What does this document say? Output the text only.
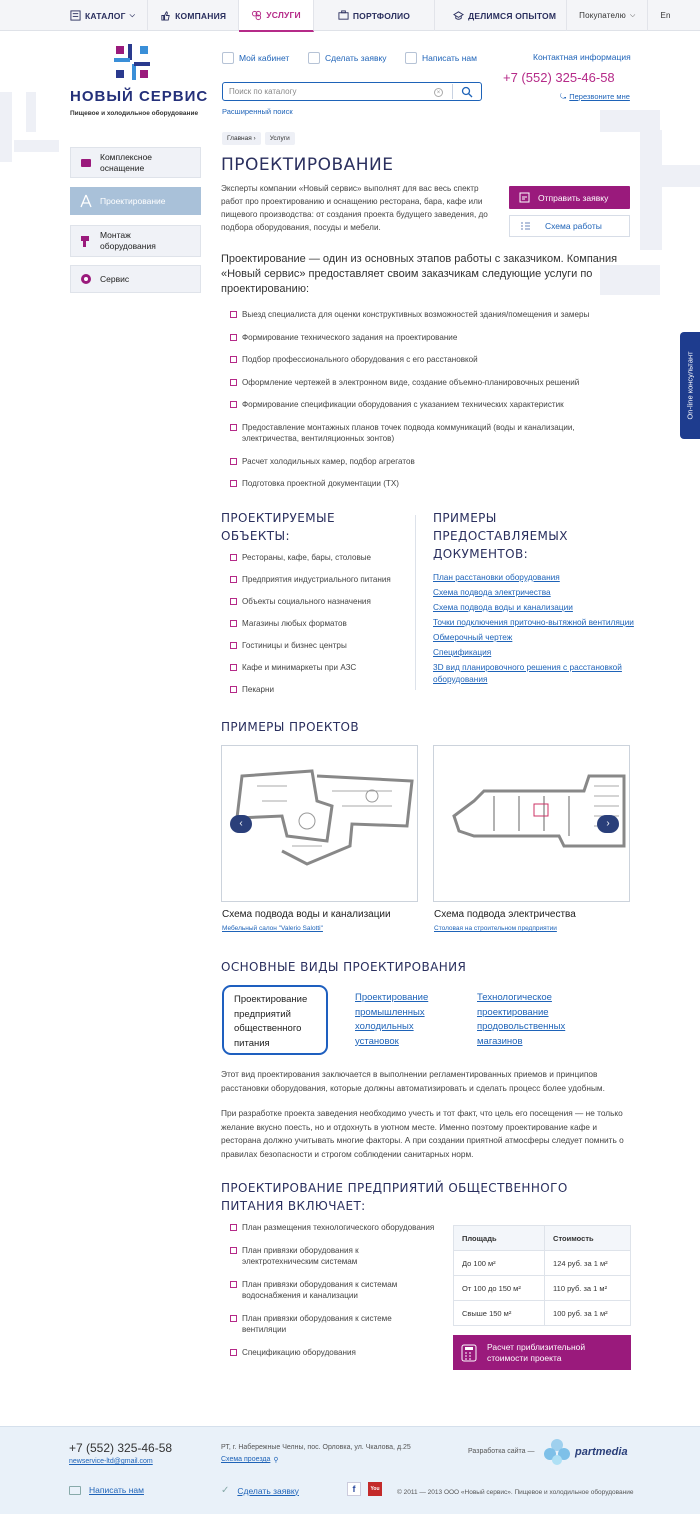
КАТАЛОГ ⌵	КОМПАНИЯ	УСЛУГИ	ПОРТФОЛИО	ДЕЛИМСЯ ОПЫТОМ	Покупателю ⌵	En
НОВЫЙ СЕРВИС
Пищевое и холодильное оборудование
Мой кабинет	Сделать заявку	Написать нам	Контактная информация
+7 (552) 325-46-58
⤿ Перезвоните мне
Поиск по каталогу	×
Расширенный поиск
Комплексное оснащение
Проектирование
Монтаж оборудования
Сервис
Главная ›	Услуги
ПРОЕКТИРОВАНИЕ
Эксперты компании «Новый сервис» выполнят для вас весь спектр работ про проектированию и оснащению ресторана, бара, кафе или пищевого производства: от создания проекта будущего заведения, до подбора оборудования, посуды и мебели.
Отправить заявку
Схема работы
Проектирование — один из основных этапов работы с заказчиком. Компания «Новый сервис» предоставляет своим заказчикам следующие услуги по проектированию:
Выезд специалиста для оценки конструктивных возможностей здания/помещения и замеры
Формирование технического задания на проектирование
Подбор профессионального оборудования с его расстановкой
Оформление чертежей в электронном виде, создание объемно-планировочных решений
Формирование спецификации оборудования с указанием технических характеристик
Предоставление монтажных планов точек подвода коммуникаций (воды и канализации, электричества, вентиляционных зонтов)
Расчет холодильных камер, подбор агрегатов
Подготовка проектной документации (ТХ)
ПРОЕКТИРУЕМЫЕ ОБЪЕКТЫ:
Рестораны, кафе, бары, столовые
Предприятия индустриального питания
Объекты социального назначения
Магазины любых форматов
Гостиницы и бизнес центры
Кафе и минимаркеты при АЗС
Пекарни
ПРИМЕРЫ ПРЕДОСТАВЛЯЕМЫХ ДОКУМЕНТОВ:
План расстановки оборудования
Схема подвода электричества
Схема подвода воды и канализации
Точки подключения приточно-вытяжной вентиляции
Обмерочный чертеж
Спецификация
3D вид планировочного решения с расстановкой оборудования
ПРИМЕРЫ ПРОЕКТОВ
‹	›
Схема подвода воды и канализации
Мебельный салон "Valerio Salotti"
Схема подвода электричества
Столовая на строительном предприятии
ОСНОВНЫЕ ВИДЫ ПРОЕКТИРОВАНИЯ
Проектирование предприятий общественного питания
Проектирование промышленных холодильных установок
Технологическое проектирование продовольственных магазинов
Этот вид проектирования заключается в выполнении регламентированных приемов и принципов расстановки оборудования, которые должны автоматизировать и сделать процесс более удобным.
При разработке проекта заведения необходимо учесть и тот факт, что цель его посещения — не только желание вкусно поесть, но и отдохнуть в уютном месте. Именно поэтому проектирование кафе и ресторана должно учитывать многие факторы. А при создании приятной атмосферы следует помнить о правилах безопасности и строгом соблюдении санитарных норм.
ПРОЕКТИРОВАНИЕ ПРЕДПРИЯТИЙ ОБЩЕСТВЕННОГО ПИТАНИЯ ВКЛЮЧАЕТ:
План размещения технологического оборудования
План привязки оборудования к электротехническим системам
План привязки оборудования к системам водоснабжения и канализации
План привязки оборудования к системе вентиляции
Спецификацию оборудования
Площадь	Стоимость
До 100 м²	124 руб. за 1 м²
От 100 до 150 м²	110 руб. за 1 м²
Свыше 150 м²	100 руб. за 1 м²
Расчет приблизительной стоимости проекта
On-line консультант
+7 (552) 325-46-58
newservice-ltd@gmail.com
РТ, г. Набережные Челны, пос. Орловка, ул. Чкалова, д.25
Схема проезда ⚲
Разработка сайта —	partmedia
Написать нам	✓ Сделать заявку	f	You	© 2011 — 2013 ООО «Новый сервис». Пищевое и холодильное оборудование
